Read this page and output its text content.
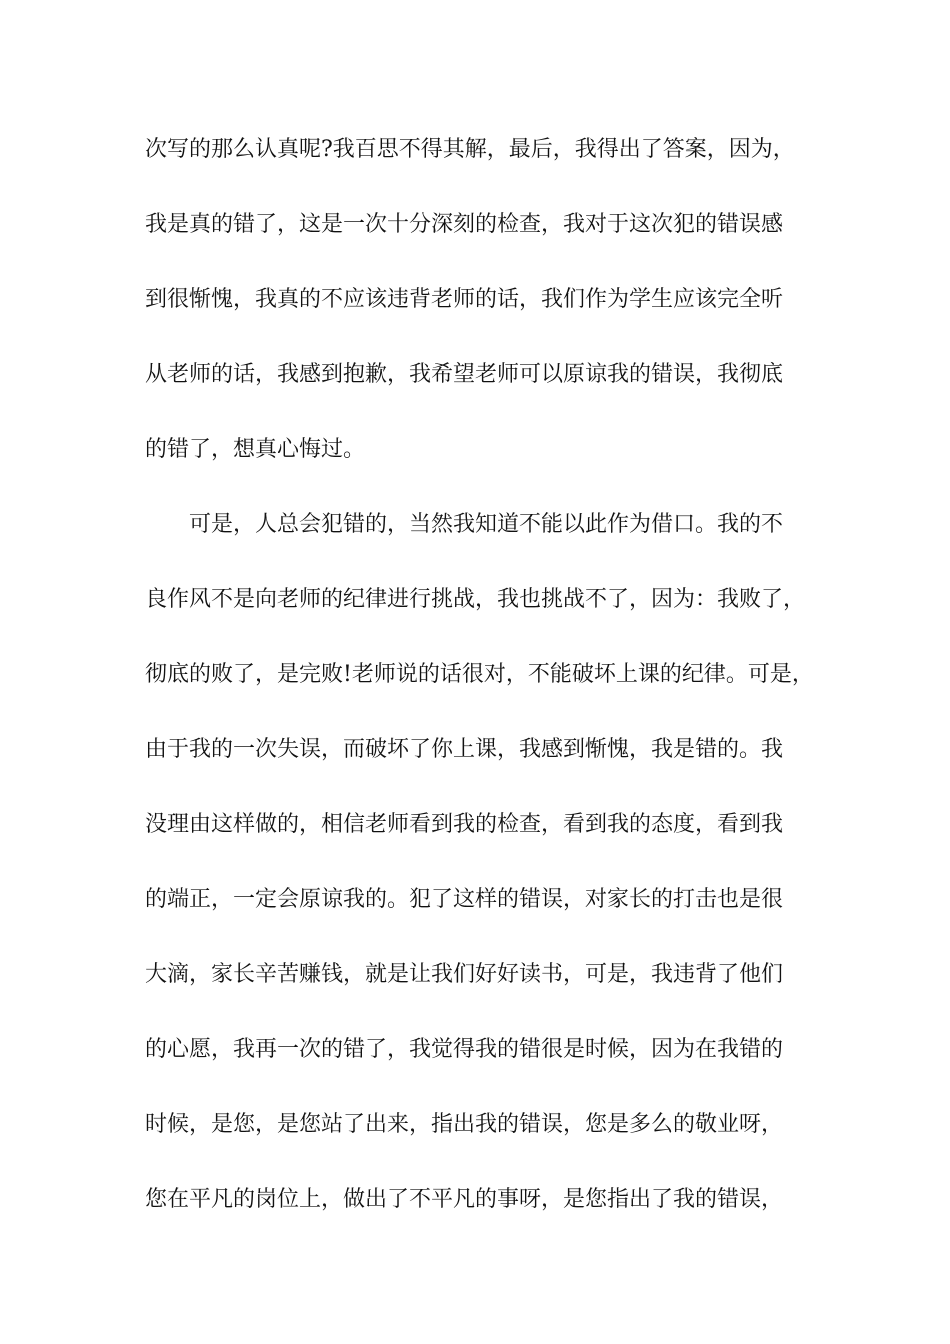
次写的那么认真呢?我百思不得其解，最后，我得出了答案，因为，
我是真的错了，这是一次十分深刻的检查，我对于这次犯的错误感
到很惭愧，我真的不应该违背老师的话，我们作为学生应该完全听
从老师的话，我感到抱歉，我希望老师可以原谅我的错误，我彻底
的错了，想真心悔过。
可是，人总会犯错的，当然我知道不能以此作为借口。我的不
良作风不是向老师的纪律进行挑战，我也挑战不了，因为：我败了，
彻底的败了，是完败!老师说的话很对，不能破坏上课的纪律。可是，
由于我的一次失误，而破坏了你上课，我感到惭愧，我是错的。我
没理由这样做的，相信老师看到我的检查，看到我的态度，看到我
的端正，一定会原谅我的。犯了这样的错误，对家长的打击也是很
大滴，家长辛苦赚钱，就是让我们好好读书，可是，我违背了他们
的心愿，我再一次的错了，我觉得我的错很是时候，因为在我错的
时候，是您，是您站了出来，指出我的错误，您是多么的敬业呀，
您在平凡的岗位上，做出了不平凡的事呀，是您指出了我的错误，
